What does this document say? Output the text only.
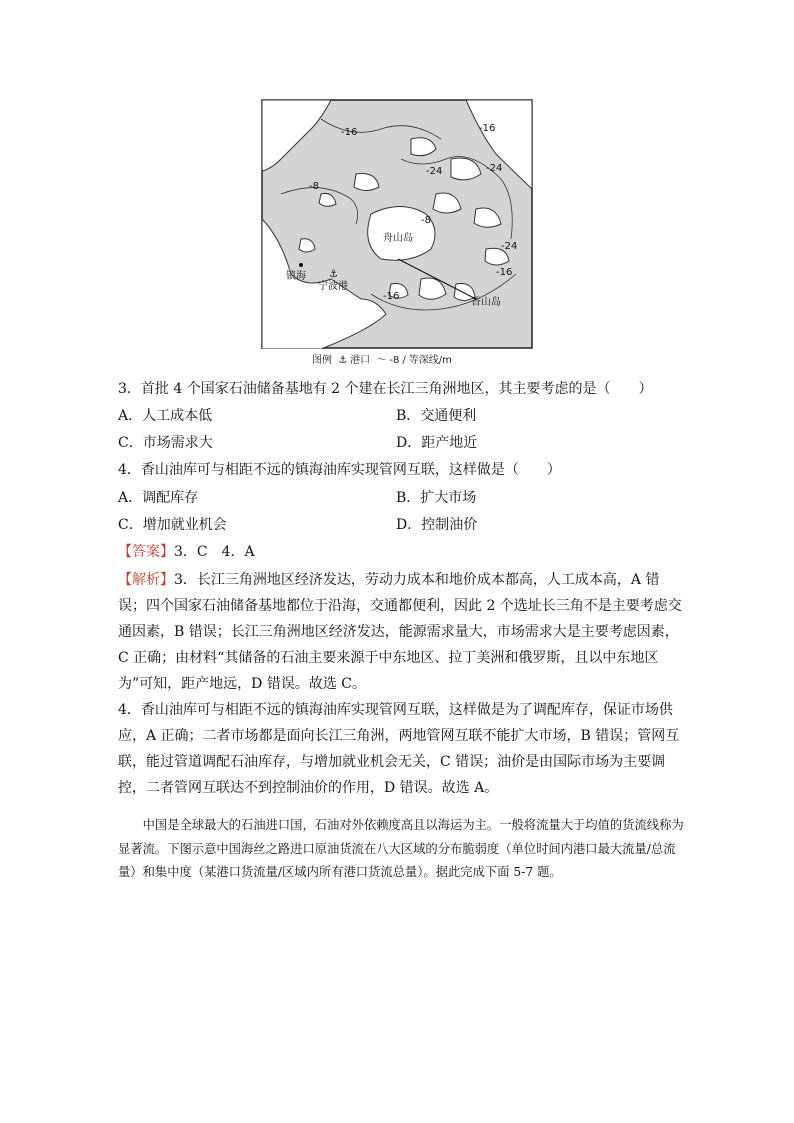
⚓
舟山岛
镇海
宁波港
香山岛
-16	-16
-8
-24	-24
-8
-24
-16
-16
图例 ⚓ 港口 〜 -8 ∕ 等深线/m
3．首批 4 个国家石油储备基地有 2 个建在长江三角洲地区，其主要考虑的是（　　）
A．人工成本低	B．交通便利
C．市场需求大	D．距产地近
4．香山油库可与相距不远的镇海油库实现管网互联，这样做是（　　）
A．调配库存	B．扩大市场
C．增加就业机会	D．控制油价
【答案】3．C　4．A

【解析】3．长江三角洲地区经济发达，劳动力成本和地价成本都高，人工成本高，A 错误；四个国家石油储备基地都位于沿海，交通都便利，因此 2 个选址长三角不是主要考虑交通因素，B 错误；长江三角洲地区经济发达，能源需求量大，市场需求大是主要考虑因素，C 正确；由材料“其储备的石油主要来源于中东地区、拉丁美洲和俄罗斯，且以中东地区为”可知，距产地远，D 错误。故选 C。

4．香山油库可与相距不远的镇海油库实现管网互联，这样做是为了调配库存，保证市场供应，A 正确；二者市场都是面向长江三角洲，两地管网互联不能扩大市场，B 错误；管网互联，能过管道调配石油库存，与增加就业机会无关，C 错误；油价是由国际市场为主要调控，二者管网互联达不到控制油价的作用，D 错误。故选 A。

中国是全球最大的石油进口国，石油对外依赖度高且以海运为主。一般将流量大于均值的货流线称为显著流。下图示意中国海丝之路进口原油货流在八大区域的分布脆弱度（单位时间内港口最大流量/总流量）和集中度（某港口货流量/区域内所有港口货流总量）。据此完成下面 5-7 题。
